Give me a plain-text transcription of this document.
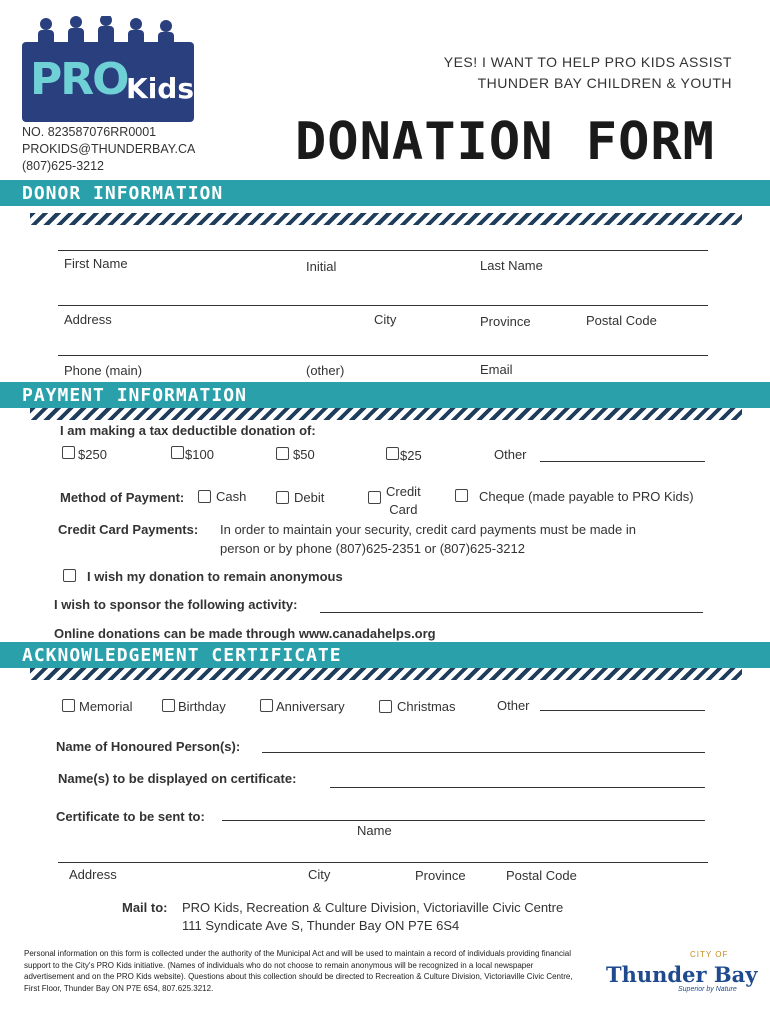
PRO
Kids
YES! I WANT TO HELP PRO KIDS ASSIST
THUNDER BAY CHILDREN & YOUTH
NO. 823587076RR0001
PROKIDS@THUNDERBAY.CA
(807)625-3212	DONATION FORM
DONOR INFORMATION
First Name	Initial	Last Name
Address	City	Province	Postal Code
Phone (main)	(other)	Email
PAYMENT INFORMATION
I am making a tax deductible donation of:
$250	$100	$50	$25	Other
Method of Payment: Cash	Debit	Credit
Card
Cheque (made payable to PRO Kids)
Credit Card Payments: In order to maintain your security, credit card payments must be made in
person or by phone (807)625-2351 or (807)625-3212
I wish my donation to remain anonymous
I wish to sponsor the following activity:
Online donations can be made through www.canadahelps.org
ACKNOWLEDGEMENT CERTIFICATE
Memorial	Birthday	Anniversary	Christmas	Other
Name of Honoured Person(s):
Name(s) to be displayed on certificate:
Certificate to be sent to:
Name
Address	City	Province	Postal Code
Mail to: PRO Kids, Recreation & Culture Division, Victoriaville Civic Centre
111 Syndicate Ave S, Thunder Bay ON P7E 6S4
Personal information on this form is collected under the authority of the Municipal Act and will be used to maintain a record of individuals providing financial support to the City's PRO Kids initiative. (Names of individuals who do not choose to remain anonymous will be recognized in a local newspaper advertisement and on the PRO Kids website). Questions about this collection should be directed to Recreation & Culture Division, Victoriaville Civic Centre, First Floor, Thunder Bay ON P7E 6S4, 807.625.3212.
CITY OF
Thunder Bay
Superior by Nature
